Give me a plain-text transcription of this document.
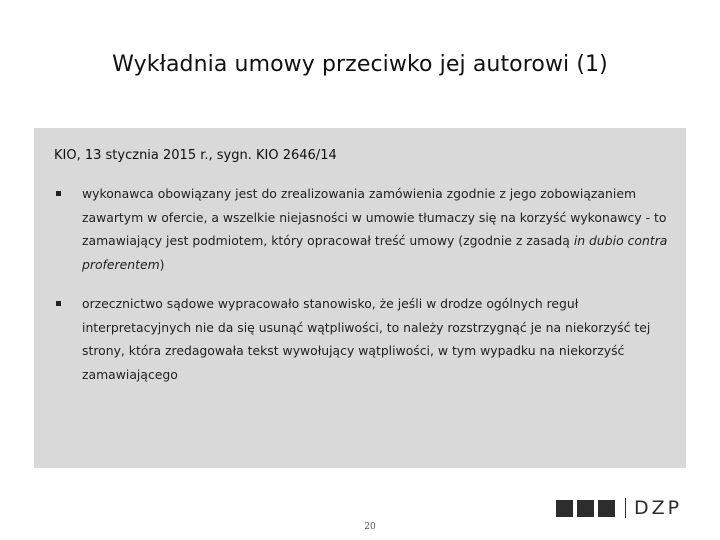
Wykładnia umowy przeciwko jej autorowi (1)
KIO, 13 stycznia 2015 r., sygn. KIO 2646/14
wykonawca obowiązany jest do zrealizowania zamówienia zgodnie z jego zobowiązaniem zawartym w ofercie, a wszelkie niejasności w umowie tłumaczy się na korzyść wykonawcy - to zamawiający jest podmiotem, który opracował treść umowy (zgodnie z zasadą in dubio contra proferentem)
orzecznictwo sądowe wypracowało stanowisko, że jeśli w drodze ogólnych reguł interpretacyjnych nie da się usunąć wątpliwości, to należy rozstrzygnąć je na niekorzyść tej strony, która zredagowała tekst wywołujący wątpliwości, w tym wypadku na niekorzyść zamawiającego
DZP
20
